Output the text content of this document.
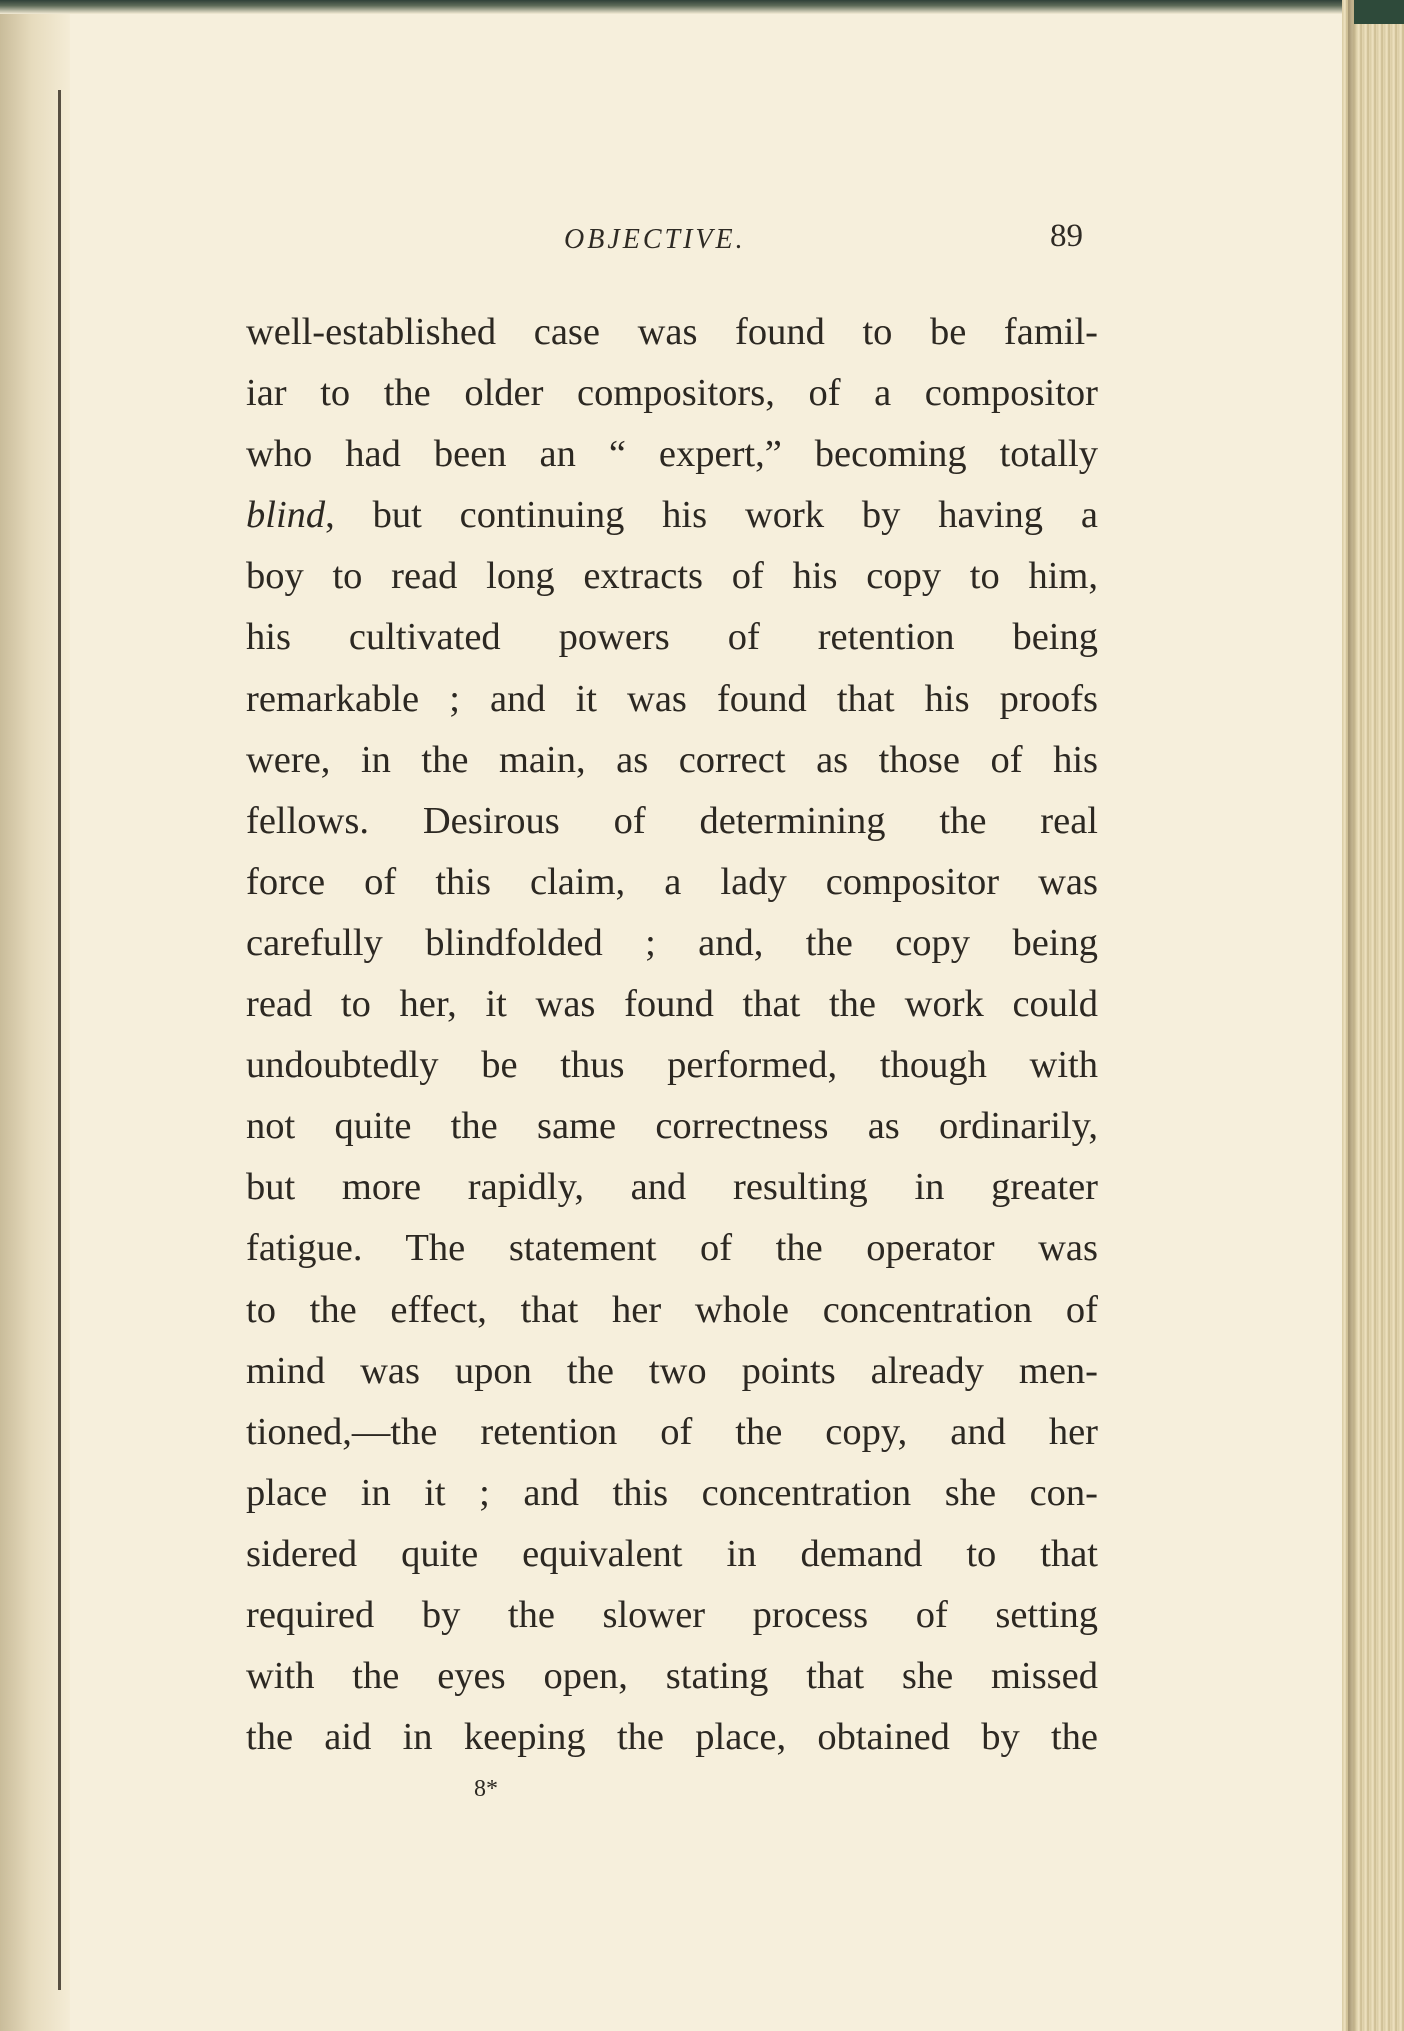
OBJECTIVE.	89
well-established case was found to be famil-
iar to the older compositors, of a compositor
who had been an “ expert,” becoming totally
blind, but continuing his work by having a
boy to read long extracts of his copy to him,
his cultivated powers of retention being
remarkable ; and it was found that his proofs
were, in the main, as correct as those of his
fellows. Desirous of determining the real
force of this claim, a lady compositor was
carefully blindfolded ; and, the copy being
read to her, it was found that the work could
undoubtedly be thus performed, though with
not quite the same correctness as ordinarily,
but more rapidly, and resulting in greater
fatigue. The statement of the operator was
to the effect, that her whole concentration of
mind was upon the two points already men-
tioned,—the retention of the copy, and her
place in it ; and this concentration she con-
sidered quite equivalent in demand to that
required by the slower process of setting
with the eyes open, stating that she missed
the aid in keeping the place, obtained by the
8*
